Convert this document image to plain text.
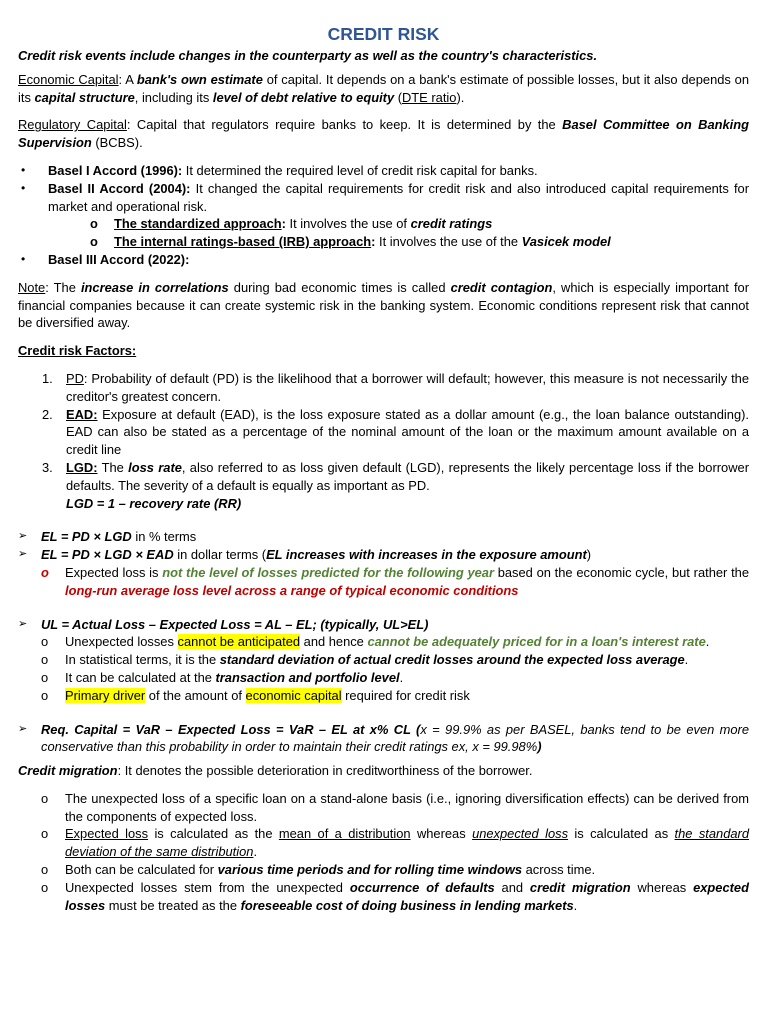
CREDIT RISK

Credit risk events include changes in the counterparty as well as the country's characteristics.

Economic Capital: A bank's own estimate of capital. It depends on a bank's estimate of possible losses, but it also depends on its capital structure, including its level of debt relative to equity (DTE ratio).

Regulatory Capital: Capital that regulators require banks to keep. It is determined by the Basel Committee on Banking Supervision (BCBS).

•	Basel I Accord (1996): It determined the required level of credit risk capital for banks.
•	Basel II Accord (2004): It changed the capital requirements for credit risk and also introduced capital requirements for market and operational risk.
o	The standardized approach: It involves the use of credit ratings
o	The internal ratings-based (IRB) approach: It involves the use of the Vasicek model
•	Basel III Accord (2022):

Note: The increase in correlations during bad economic times is called credit contagion, which is especially important for financial companies because it can create systemic risk in the banking system. Economic conditions represent risk that cannot be diversified away.

Credit risk Factors:

1.	PD: Probability of default (PD) is the likelihood that a borrower will default; however, this measure is not necessarily the creditor's greatest concern.
2.	EAD: Exposure at default (EAD), is the loss exposure stated as a dollar amount (e.g., the loan balance outstanding). EAD can also be stated as a percentage of the nominal amount of the loan or the maximum amount available on a credit line
3.	LGD: The loss rate, also referred to as loss given default (LGD), represents the likely percentage loss if the borrower defaults. The severity of a default is equally as important as PD.
LGD = 1 – recovery rate (RR)
➢	EL = PD × LGD in % terms
➢	EL = PD × LGD × EAD in dollar terms (EL increases with increases in the exposure amount)
o	Expected loss is not the level of losses predicted for the following year based on the economic cycle, but rather the long-run average loss level across a range of typical economic conditions
➢	UL = Actual Loss – Expected Loss = AL – EL; (typically, UL>EL)
o	Unexpected losses cannot be anticipated and hence cannot be adequately priced for in a loan's interest rate.
o	In statistical terms, it is the standard deviation of actual credit losses around the expected loss average.
o	It can be calculated at the transaction and portfolio level.
o	Primary driver of the amount of economic capital required for credit risk
➢	Req. Capital = VaR – Expected Loss = VaR – EL at x% CL (x = 99.9% as per BASEL, banks tend to be even more conservative than this probability in order to maintain their credit ratings ex, x = 99.98%)

Credit migration: It denotes the possible deterioration in creditworthiness of the borrower.

o	The unexpected loss of a specific loan on a stand-alone basis (i.e., ignoring diversification effects) can be derived from the components of expected loss.
o	Expected loss is calculated as the mean of a distribution whereas unexpected loss is calculated as the standard deviation of the same distribution.
o	Both can be calculated for various time periods and for rolling time windows across time.
o	Unexpected losses stem from the unexpected occurrence of defaults and credit migration whereas expected losses must be treated as the foreseeable cost of doing business in lending markets.
